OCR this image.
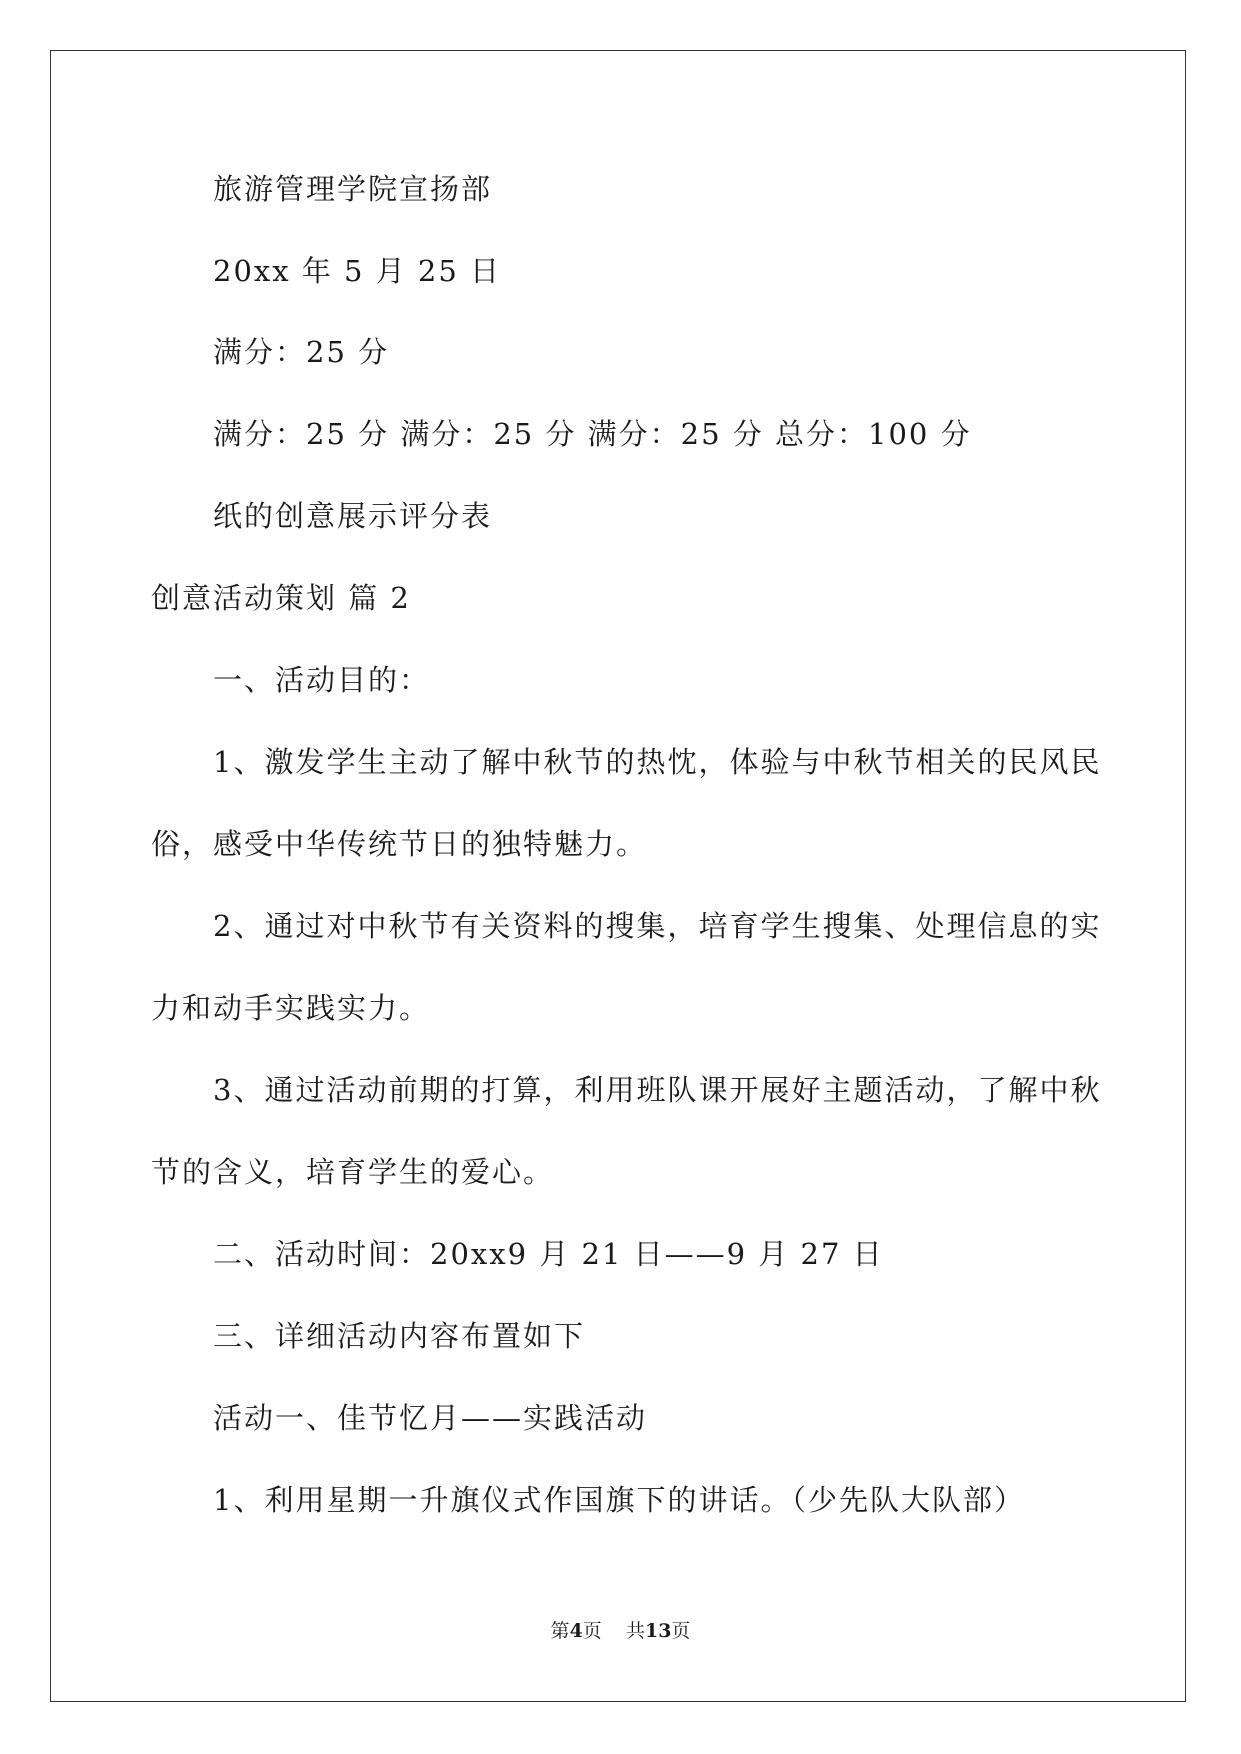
旅游管理学院宣扬部
20xx 年 5 月 25 日
满分：25 分
满分：25 分 满分：25 分 满分：25 分 总分：100 分
纸的创意展示评分表
创意活动策划 篇 2
一、活动目的：
1、激发学生主动了解中秋节的热忱，体验与中秋节相关的民风民
俗，感受中华传统节日的独特魅力。
2、通过对中秋节有关资料的搜集，培育学生搜集、处理信息的实
力和动手实践实力。
3、通过活动前期的打算，利用班队课开展好主题活动，了解中秋
节的含义，培育学生的爱心。
二、活动时间：20xx9 月 21 日——9 月 27 日
三、详细活动内容布置如下
活动一、佳节忆月——实践活动
1、利用星期一升旗仪式作国旗下的讲话。（少先队大队部）
第4页    共13页
